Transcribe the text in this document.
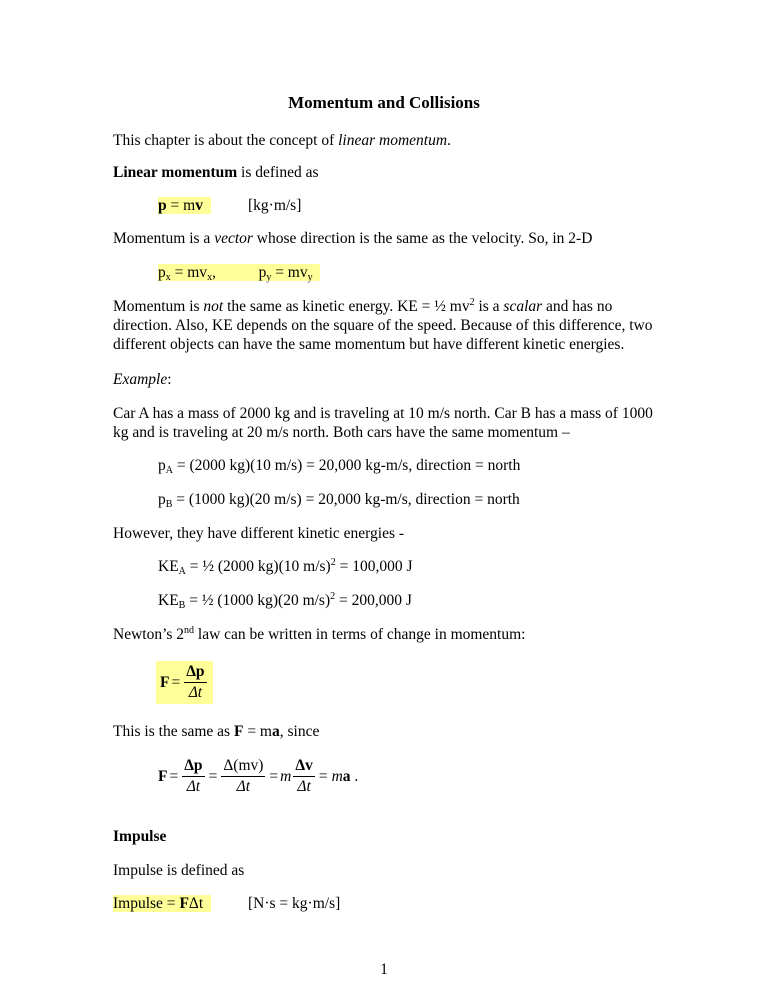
Momentum and Collisions
This chapter is about the concept of linear momentum.
Linear momentum is defined as
p = mv	[kg·m/s]
Momentum is a vector whose direction is the same as the velocity. So, in 2-D
$p_x = mv_x$,	$p_y = mv_y$
Momentum is not the same as kinetic energy. KE = ½ $mv^2$ is a scalar and has no
direction. Also, KE depends on the square of the speed. Because of this difference, two
different objects can have the same momentum but have different kinetic energies.
Example:
Car A has a mass of 2000 kg and is traveling at 10 m/s north. Car B has a mass of 1000
kg and is traveling at 20 m/s north. Both cars have the same momentum –
$p_A = (2000$ kg)(10 m/s) = 20,000 kg-m/s, direction = north
$p_B = (1000$ kg)(20 m/s) = 20,000 kg-m/s, direction = north
However, they have different kinetic energies -
$KE_A$ = ½ (2000 kg)(10 m/s)$^2$ = 100,000 J
$KE_B$ = ½ (1000 kg)(20 m/s)$^2$ = 200,000 J
Newton’s 2nd law can be written in terms of change in momentum:
$F = \frac{\Delta p}{\Delta t}$
This is the same as F = ma, since
$F = \frac{\Delta p}{\Delta t} = \frac{\Delta(mv)}{\Delta t} = m \frac{\Delta v}{\Delta t}$ = ma .
Impulse
Impulse is defined as
Impulse = FΔt	[N·s = kg·m/s]
1
